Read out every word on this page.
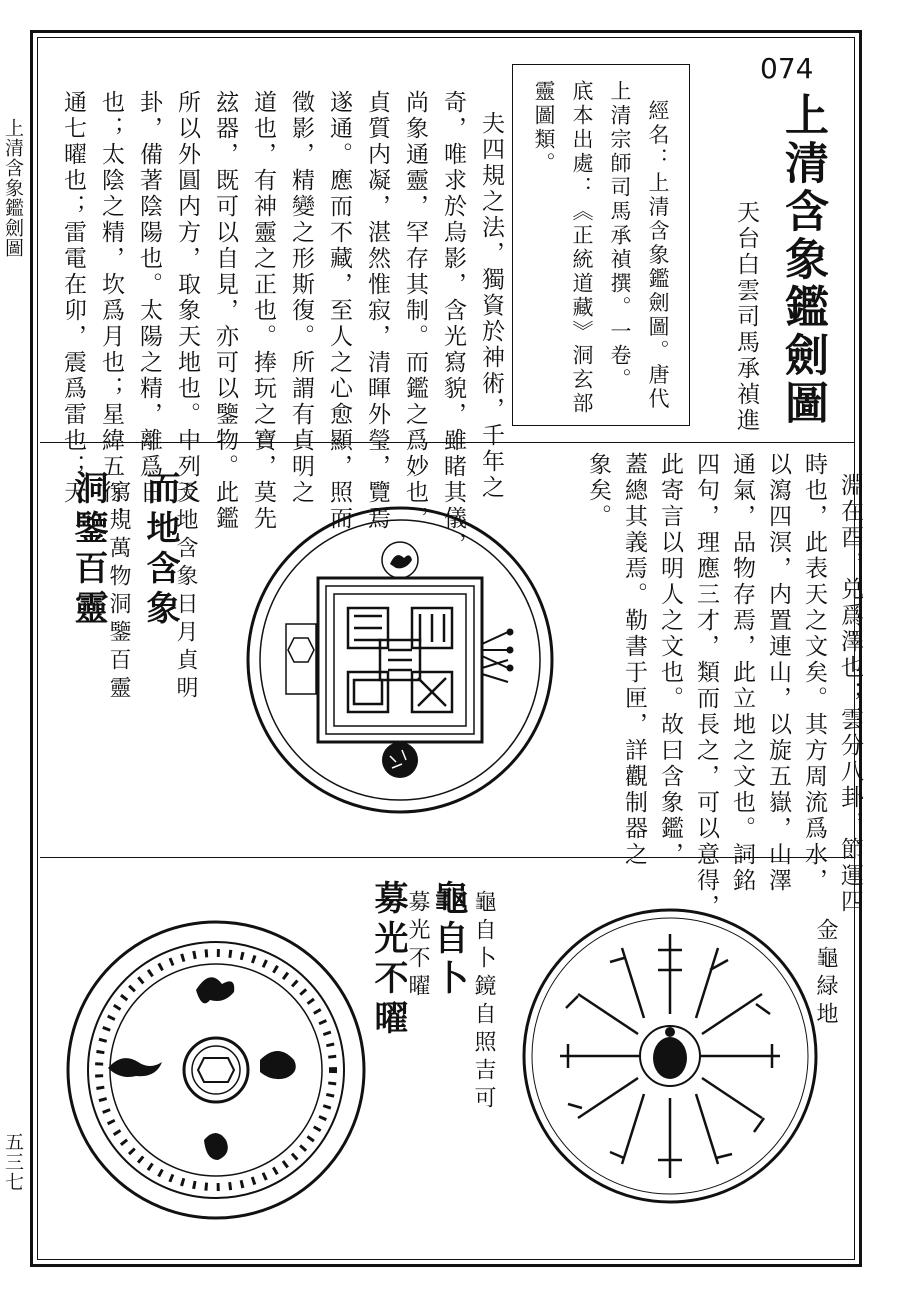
上清含象鑑劍圖
五三七
074
上清含象鑑劍圖
天台白雲司馬承禎進

經名：上清含象鑑劍圖。唐代
上清宗師司馬承禎撰。一卷。
底本出處：《正統道藏》洞玄部
靈圖類。

夫四規之法，獨資於神術，千年之
奇，唯求於烏影，含光寫貌，雖睹其儀，
尚象通靈，罕存其制。而鑑之爲妙也，
貞質内凝，湛然惟寂，清暉外瑩，覽焉
遂通。應而不藏，至人之心愈顯，照而
徵影，精變之形斯復。所謂有貞明之
道也，有神靈之正也。捧玩之寶，莫先
玆器，既可以自見，亦可以鑒物。此鑑
所以外圓内方，取象天地也。中列爻
卦，備著陰陽也。太陽之精，離爲日
也；太陰之精，坎爲月也；星緯五行，
通七曜也；雷電在卯，震爲雷也；天

淵在酉，兑爲澤也；雲分八卦，節運四
時也，此表天之文矣。其方周流爲水，
以瀉四溟，内置連山，以旋五嶽，山澤
通氣，品物存焉，此立地之文也。詞銘
四句，理應三才，類而長之，可以意得，
此寄言以明人之文也。故曰含象鑑，
蓋總其義焉。勒書于匣，詳觀制器之
象矣。

洞鑒百靈 而地含象
寫規萬物洞鑒百靈 天地含象日月貞明
金龜緑地
募光不曜
募光不曜
龜自卜 龜自卜鏡自照吉可
